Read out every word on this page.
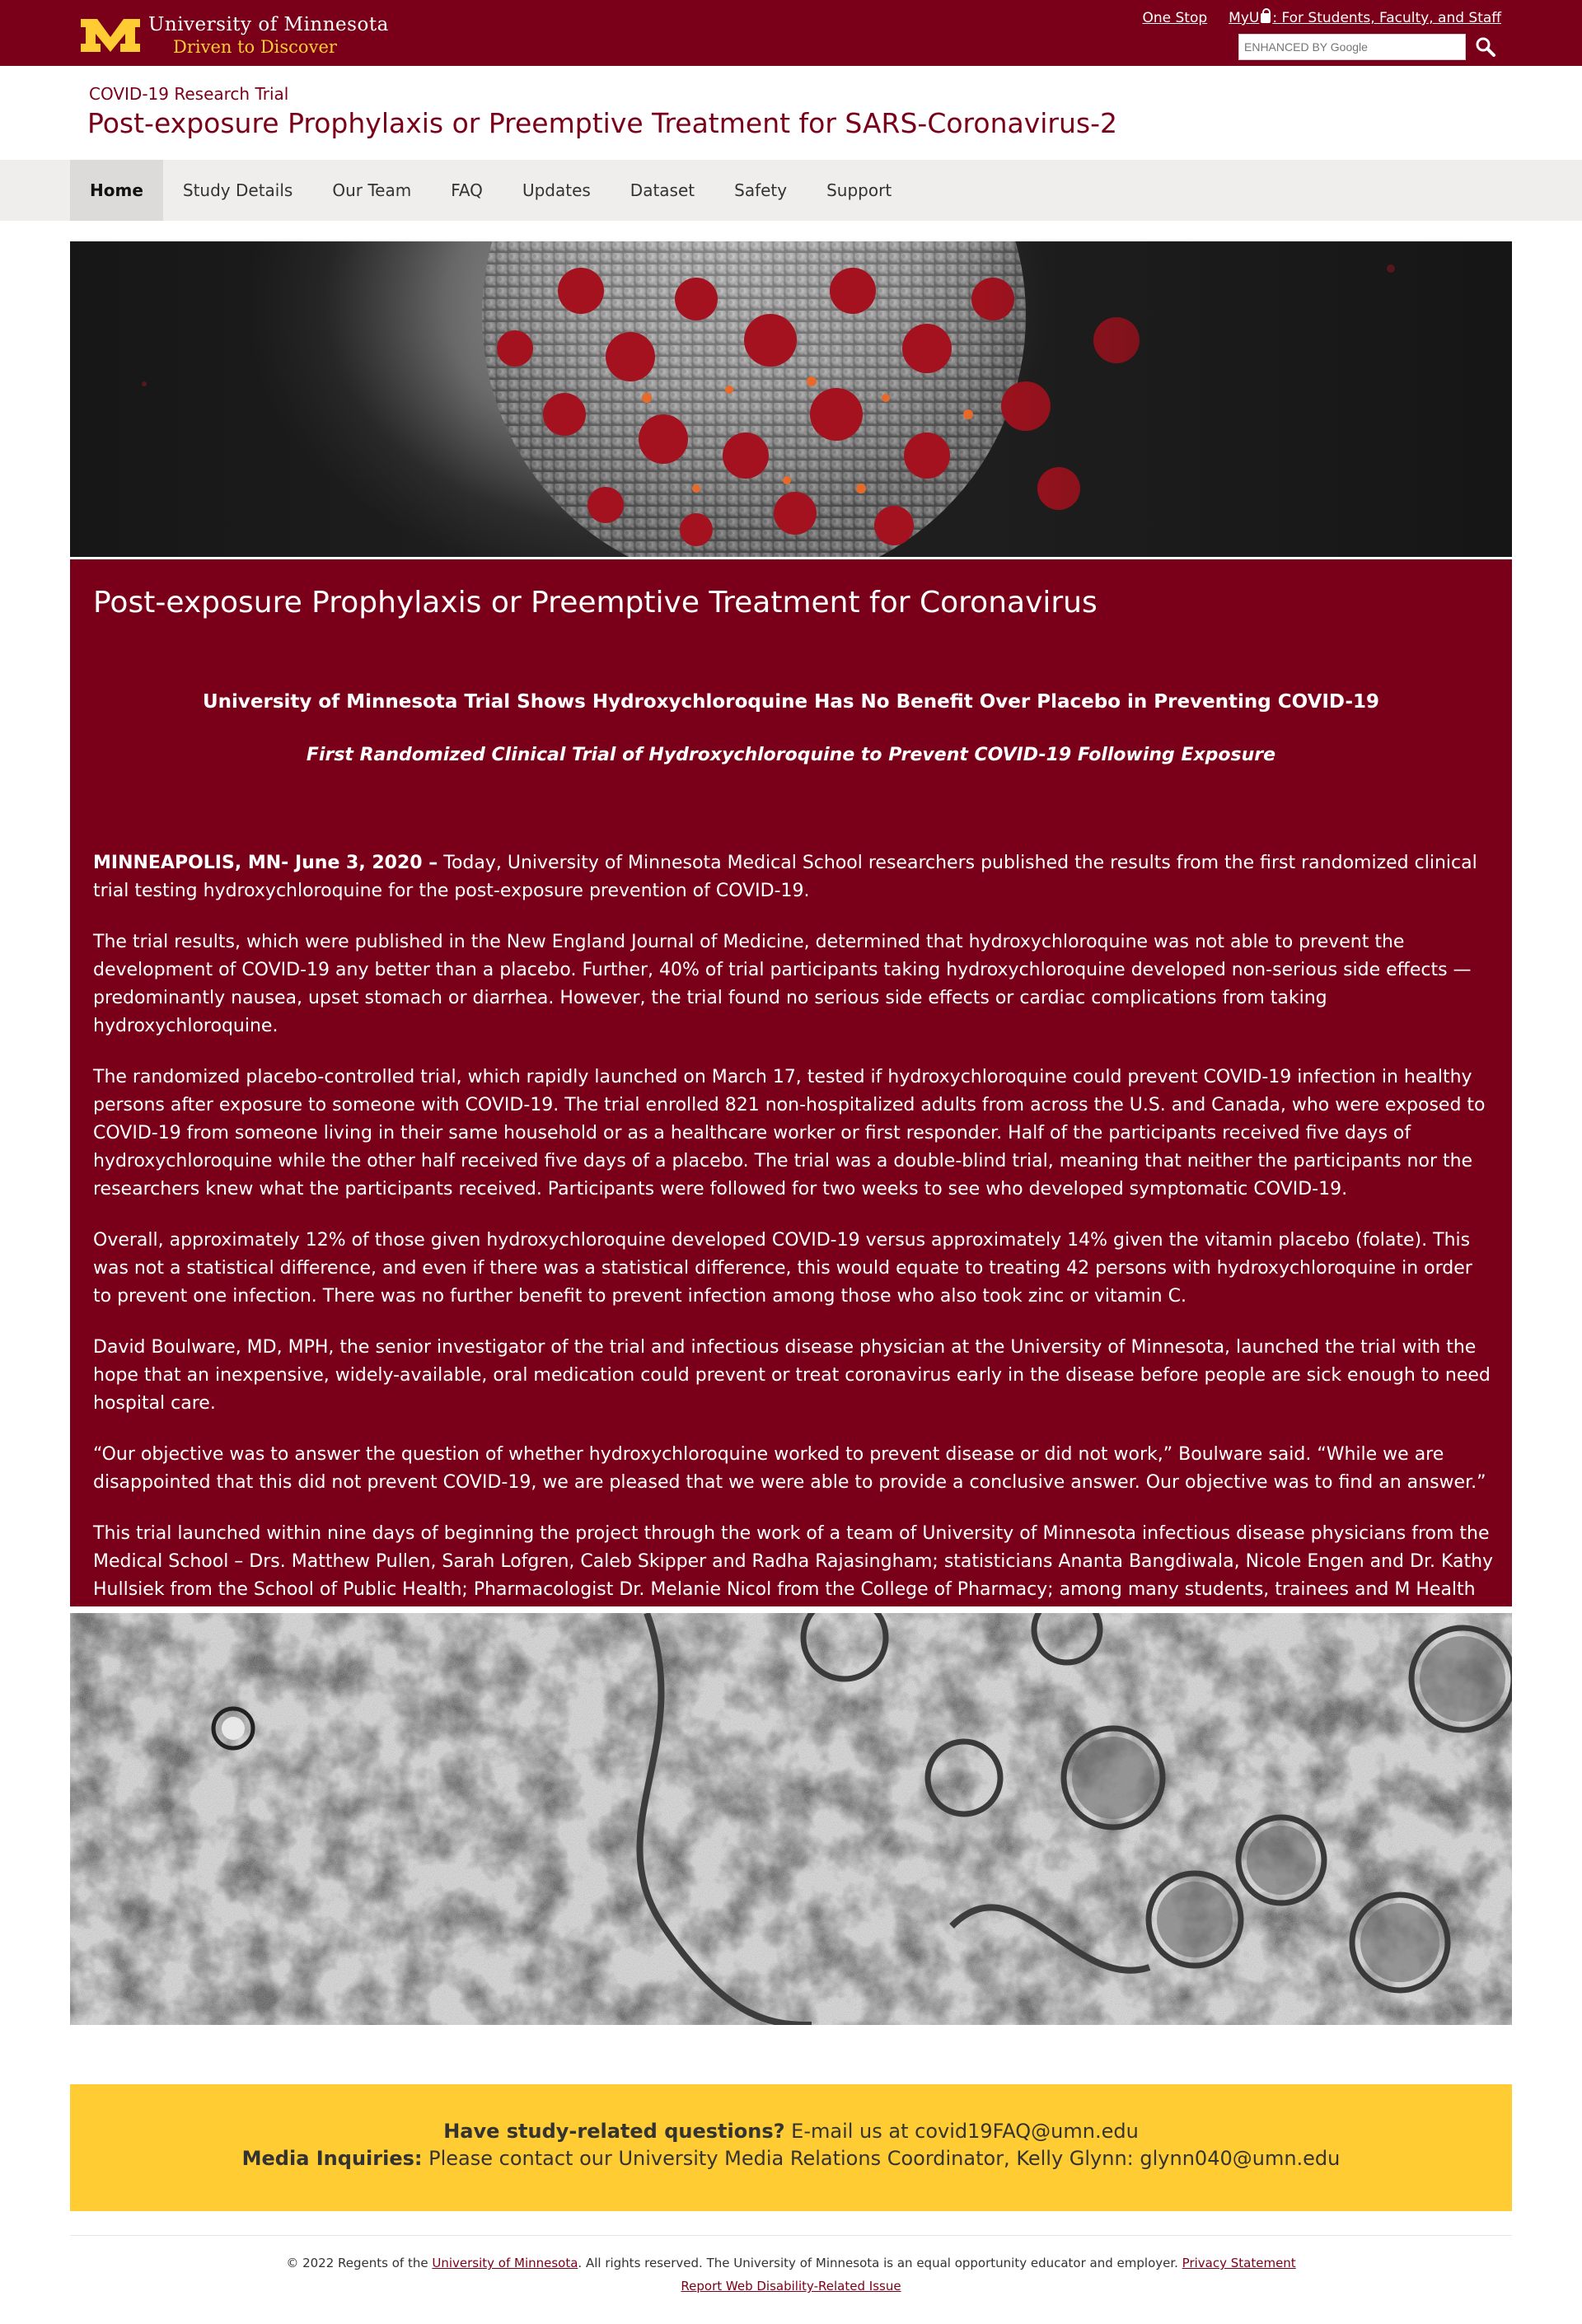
University of Minnesota
Driven to Discover
One Stop MyU : For Students, Faculty, and Staff
ENHANCED BY Google
COVID-19 Research Trial
Post-exposure Prophylaxis or Preemptive Treatment for SARS-Coronavirus-2
Home	Study Details	Our Team	FAQ	Updates	Dataset	Safety	Support
Post-exposure Prophylaxis or Preemptive Treatment for Coronavirus
University of Minnesota Trial Shows Hydroxychloroquine Has No Benefit Over Placebo in Preventing COVID-19
First Randomized Clinical Trial of Hydroxychloroquine to Prevent COVID-19 Following Exposure

MINNEAPOLIS, MN- June 3, 2020 – Today, University of Minnesota Medical School researchers published the results from the first randomized clinical trial testing hydroxychloroquine for the post-exposure prevention of COVID-19.

The trial results, which were published in the New England Journal of Medicine, determined that hydroxychloroquine was not able to prevent the development of COVID-19 any better than a placebo. Further, 40% of trial participants taking hydroxychloroquine developed non-serious side effects — predominantly nausea, upset stomach or diarrhea. However, the trial found no serious side effects or cardiac complications from taking hydroxychloroquine.

The randomized placebo-controlled trial, which rapidly launched on March 17, tested if hydroxychloroquine could prevent COVID-19 infection in healthy persons after exposure to someone with COVID-19. The trial enrolled 821 non-hospitalized adults from across the U.S. and Canada, who were exposed to COVID-19 from someone living in their same household or as a healthcare worker or first responder. Half of the participants received five days of hydroxychloroquine while the other half received five days of a placebo. The trial was a double-blind trial, meaning that neither the participants nor the researchers knew what the participants received. Participants were followed for two weeks to see who developed symptomatic COVID-19.

Overall, approximately 12% of those given hydroxychloroquine developed COVID-19 versus approximately 14% given the vitamin placebo (folate). This was not a statistical difference, and even if there was a statistical difference, this would equate to treating 42 persons with hydroxychloroquine in order to prevent one infection. There was no further benefit to prevent infection among those who also took zinc or vitamin C.

David Boulware, MD, MPH, the senior investigator of the trial and infectious disease physician at the University of Minnesota, launched the trial with the hope that an inexpensive, widely-available, oral medication could prevent or treat coronavirus early in the disease before people are sick enough to need hospital care.

“Our objective was to answer the question of whether hydroxychloroquine worked to prevent disease or did not work,” Boulware said. “While we are disappointed that this did not prevent COVID-19, we are pleased that we were able to provide a conclusive answer. Our objective was to find an answer.”

This trial launched within nine days of beginning the project through the work of a team of University of Minnesota infectious disease physicians from the Medical School – Drs. Matthew Pullen, Sarah Lofgren, Caleb Skipper and Radha Rajasingham; statisticians Ananta Bangdiwala, Nicole Engen and Dr. Kathy Hullsiek from the School of Public Health; Pharmacologist Dr. Melanie Nicol from the College of Pharmacy; among many students, trainees and M Health

Have study-related questions? E-mail us at covid19FAQ@umn.edu
Media Inquiries: Please contact our University Media Relations Coordinator, Kelly Glynn: glynn040@umn.edu
© 2022 Regents of the University of Minnesota. All rights reserved. The University of Minnesota is an equal opportunity educator and employer. Privacy Statement
Report Web Disability-Related Issue
